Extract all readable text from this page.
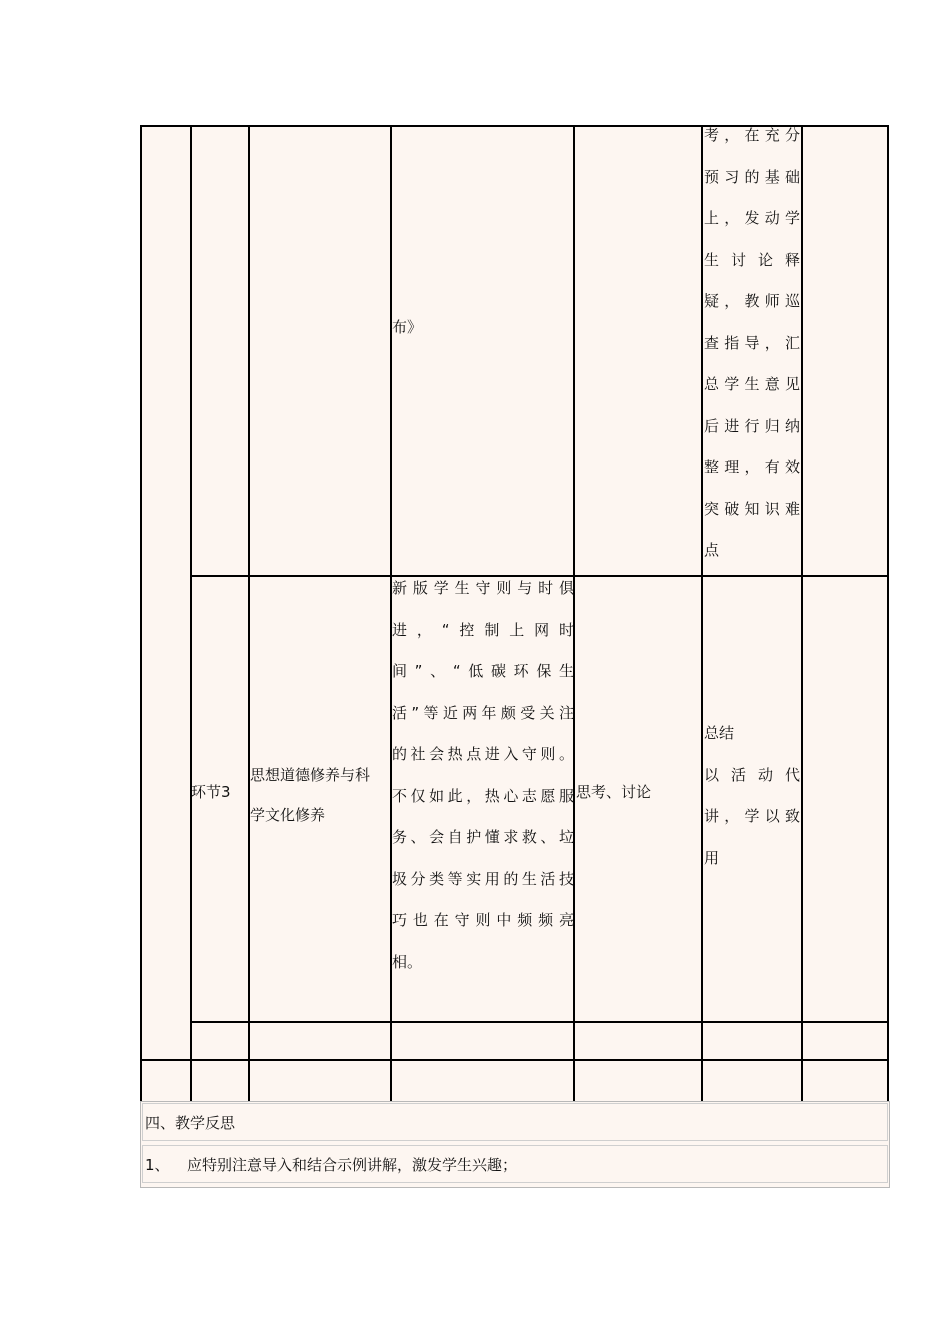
布》
考，在充分
预习的基础
上，发动学
生讨论释
疑，教师巡
查指导，汇
总学生意见
后进行归纳
整理，有效
突破知识难
点
环节3
思想道德修养与科
学文化修养
新版学生守则与时俱
进，“控制上网时
间”、“低碳环保生
活”等近两年颇受关注
的社会热点进入守则。
不仅如此，热心志愿服
务、会自护懂求救、垃
圾分类等实用的生活技
巧也在守则中频频亮
相。
思考、讨论
总结
以活动代
讲，学以致
用
四、教学反思
1、 应特别注意导入和结合示例讲解，激发学生兴趣；
